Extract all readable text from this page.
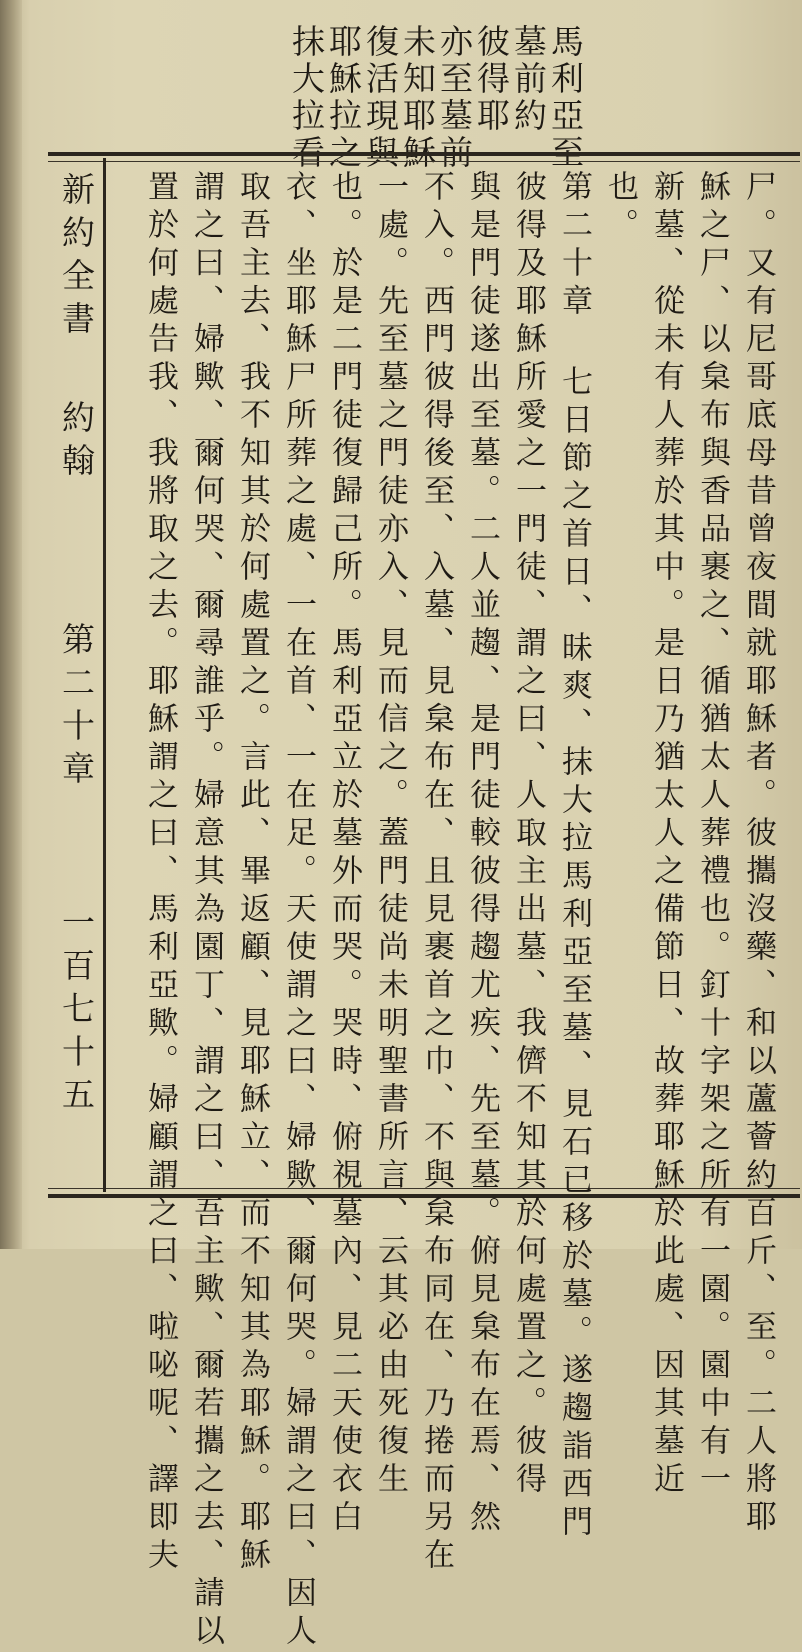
馬利亞至
墓前約
彼得耶
亦至墓前
未知耶穌
復活現與
耶穌拉之
抹大拉看
尸。又有尼哥底母昔曾夜間就耶穌者。彼攜沒藥、和以蘆薈約百斤、至。二人將耶
穌之尸、以枲布與香品裹之、循猶太人葬禮也。釘十字架之所有一園。園中有一
新墓、從未有人葬於其中。是日乃猶太人之備節日、故葬耶穌於此處、因其墓近
也。
第二十章 七日節之首日、昧爽、抹大拉馬利亞至墓、見石已移於墓。遂趨詣西門
彼得及耶穌所愛之一門徒、謂之曰、人取主出墓、我儕不知其於何處置之。彼得
與是門徒遂出至墓。二人並趨、是門徒較彼得趨尤疾、先至墓。俯見枲布在焉、然
不入。西門彼得後至、入墓、見枲布在、且見裹首之巾、不與枲布同在、乃捲而另在
一處。先至墓之門徒亦入、見而信之。蓋門徒尚未明聖書所言、云其必由死復生
也。於是二門徒復歸己所。馬利亞立於墓外而哭。哭時、俯視墓內、見二天使衣白
衣、坐耶穌尸所葬之處、一在首、一在足。天使謂之曰、婦歟、爾何哭。婦謂之曰、因人
取吾主去、我不知其於何處置之。言此、畢返顧、見耶穌立、而不知其為耶穌。耶穌
謂之曰、婦歟、爾何哭、爾尋誰乎。婦意其為園丁、謂之曰、吾主歟、爾若攜之去、請以
置於何處告我、我將取之去。耶穌謂之曰、馬利亞歟。婦顧謂之曰、啦咇呢、譯即夫
新約全書
約翰
第二十章
一百七十五
